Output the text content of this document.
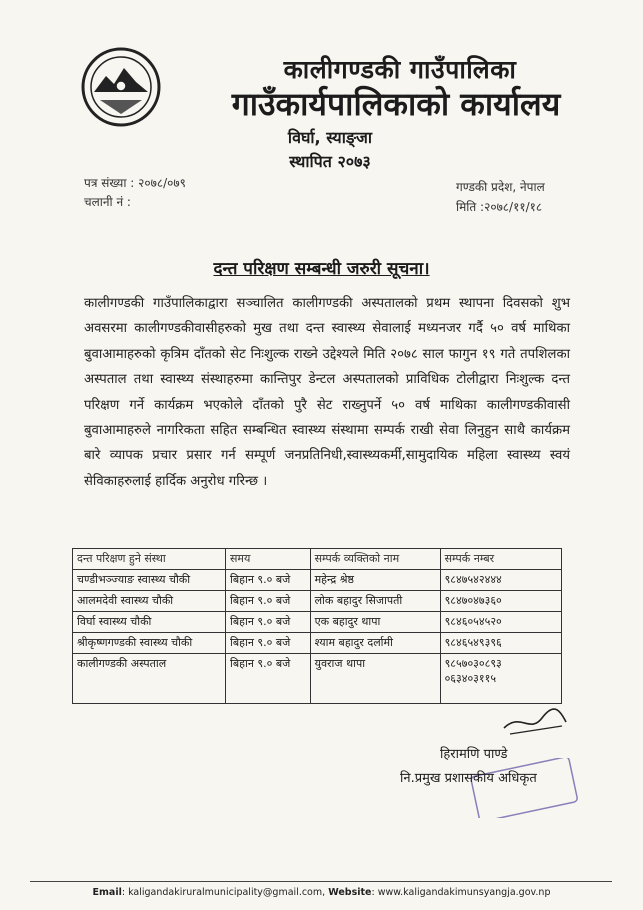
कालीगण्डकी गाउँपालिका
गाउँकार्यपालिकाको कार्यालय
विर्घा, स्याङ्जा
स्थापित २०७३
पत्र संख्या : २०७८/०७९
चलानी नं :
गण्डकी प्रदेश, नेपाल
मिति :२०७८/११/१८
दन्त परिक्षण सम्बन्धी जरुरी सूचना।
कालीगण्डकी गाउँपालिकाद्वारा सञ्चालित कालीगण्डकी अस्पतालको प्रथम स्थापना दिवसको शुभ अवसरमा कालीगण्डकीवासीहरुको मुख तथा दन्त स्वास्थ्य सेवालाई मध्यनजर गर्दै ५० वर्ष माथिका बुवाआमाहरुको कृत्रिम दाँतको सेट निःशुल्क राख्ने उद्देश्यले मिति २०७८ साल फागुन १९ गते तपशिलका अस्पताल तथा स्वास्थ्य संस्थाहरुमा कान्तिपुर डेन्टल अस्पतालको प्राविधिक टोलीद्वारा निःशुल्क दन्त परिक्षण गर्ने कार्यक्रम भएकोले दाँतको पुरै सेट राख्नुपर्ने ५० वर्ष माथिका कालीगण्डकीवासी बुवाआमाहरुले नागरिकता सहित सम्बन्धित स्वास्थ्य संस्थामा सम्पर्क राखी सेवा लिनुहुन साथै कार्यक्रम बारे व्यापक प्रचार प्रसार गर्न सम्पूर्ण जनप्रतिनिधी,स्वास्थ्यकर्मी,सामुदायिक महिला स्वास्थ्य स्वयं सेविकाहरुलाई हार्दिक अनुरोध गरिन्छ ।
दन्त परिक्षण हुने संस्था	समय	सम्पर्क व्यक्तिको नाम	सम्पर्क नम्बर
चण्डीभञ्ज्याङ स्वास्थ्य चौकी	बिहान ९.० बजे	महेन्द्र श्रेष्ठ	९८४७५४२४४४
आलमदेवी स्वास्थ्य चौकी	बिहान ९.० बजे	लोक बहादुर सिजापती	९८४७०४७३६०
विर्घा स्वास्थ्य चौकी	बिहान ९.० बजे	एक बहादुर थापा	९८४६०५४५२०
श्रीकृष्णगण्डकी स्वास्थ्य चौकी	बिहान ९.० बजे	श्याम बहादुर दर्लामी	९८४६५४९३९६
कालीगण्डकी अस्पताल	बिहान ९.० बजे	युवराज थापा	९८५७०३०८९३
०६३४०३११५
हिरामणि पाण्डे
नि.प्रमुख प्रशासकीय अधिकृत
Email: kaligandakiruralmunicipality@gmail.com, Website: www.kaligandakimunsyangja.gov.np
